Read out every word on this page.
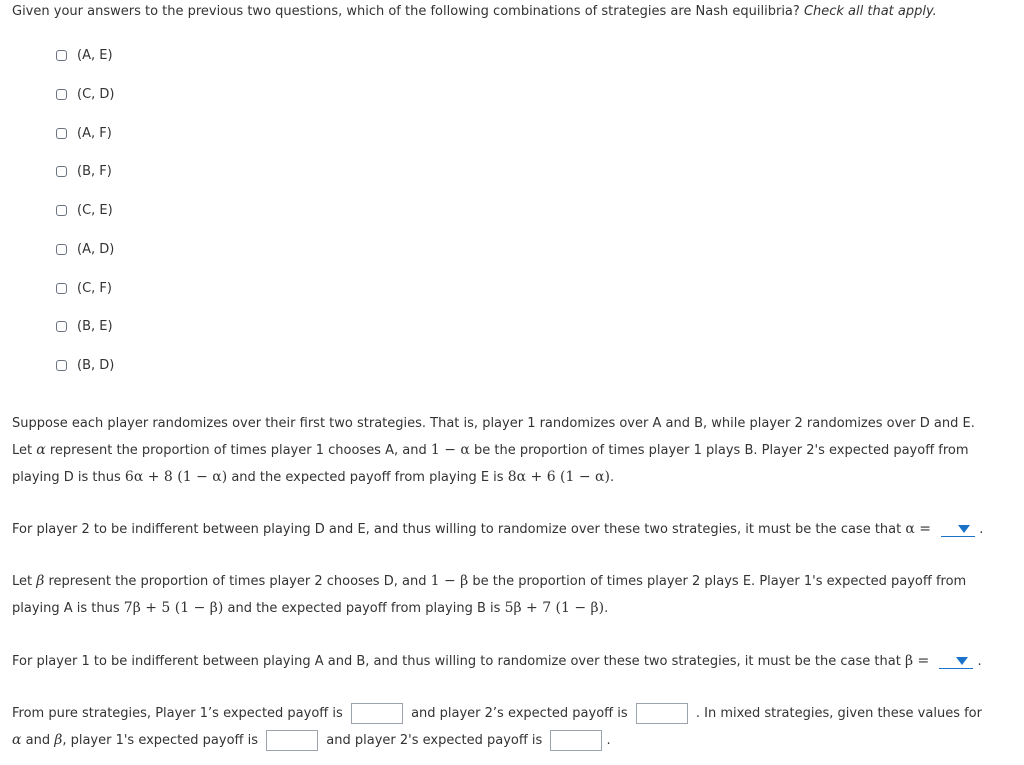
Given your answers to the previous two questions, which of the following combinations of strategies are Nash equilibria? Check all that apply.
(A, E)
(C, D)
(A, F)
(B, F)
(C, E)
(A, D)
(C, F)
(B, E)
(B, D)
Suppose each player randomizes over their first two strategies. That is, player 1 randomizes over A and B, while player 2 randomizes over D and E.
Let α represent the proportion of times player 1 chooses A, and 1 − α be the proportion of times player 1 plays B. Player 2's expected payoff from
playing D is thus 6α + 8 (1 − α) and the expected payoff from playing E is 8α + 6 (1 − α).
For player 2 to be indifferent between playing D and E, and thus willing to randomize over these two strategies, it must be the case that α =	.
Let β represent the proportion of times player 2 chooses D, and 1 − β be the proportion of times player 2 plays E. Player 1's expected payoff from
playing A is thus 7β + 5 (1 − β) and the expected payoff from playing B is 5β + 7 (1 − β).
For player 1 to be indifferent between playing A and B, and thus willing to randomize over these two strategies, it must be the case that β =	.
From pure strategies, Player 1’s expected payoff is	and player 2’s expected payoff is	. In mixed strategies, given these values for
α and β, player 1's expected payoff is	and player 2's expected payoff is	.
